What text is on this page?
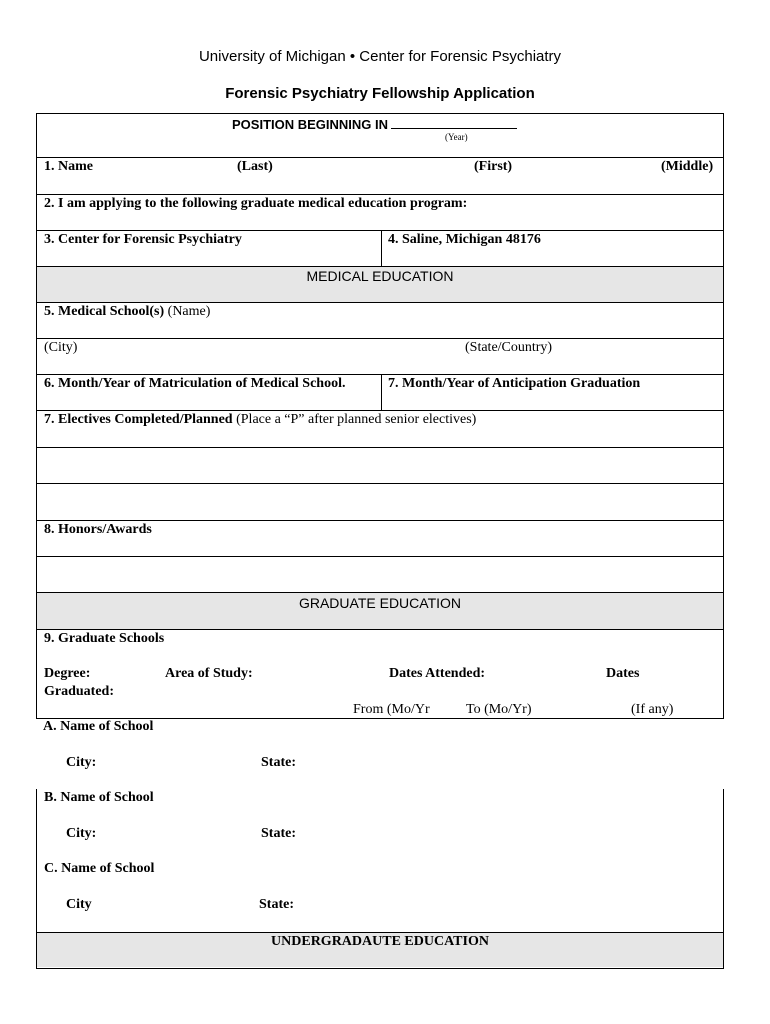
University of Michigan • Center for Forensic Psychiatry
Forensic Psychiatry Fellowship Application
POSITION BEGINNING IN
(Year)
1. Name	(Last)	(First)	(Middle)
2. I am applying to the following graduate medical education program:
3. Center for Forensic Psychiatry	4. Saline, Michigan 48176
MEDICAL EDUCATION
5. Medical School(s) (Name)
(City)	(State/Country)
6. Month/Year of Matriculation of Medical School.	7. Month/Year of Anticipation Graduation
7. Electives Completed/Planned (Place a “P” after planned senior electives)
8. Honors/Awards
GRADUATE EDUCATION
9. Graduate Schools
Degree:	Area of Study:	Dates Attended:	Dates
Graduated:
From (Mo/Yr	To (Mo/Yr)	(If any)
A. Name of School
City:	State:
B. Name of School
City:	State:
C. Name of School
City	State:
UNDERGRADAUTE EDUCATION
